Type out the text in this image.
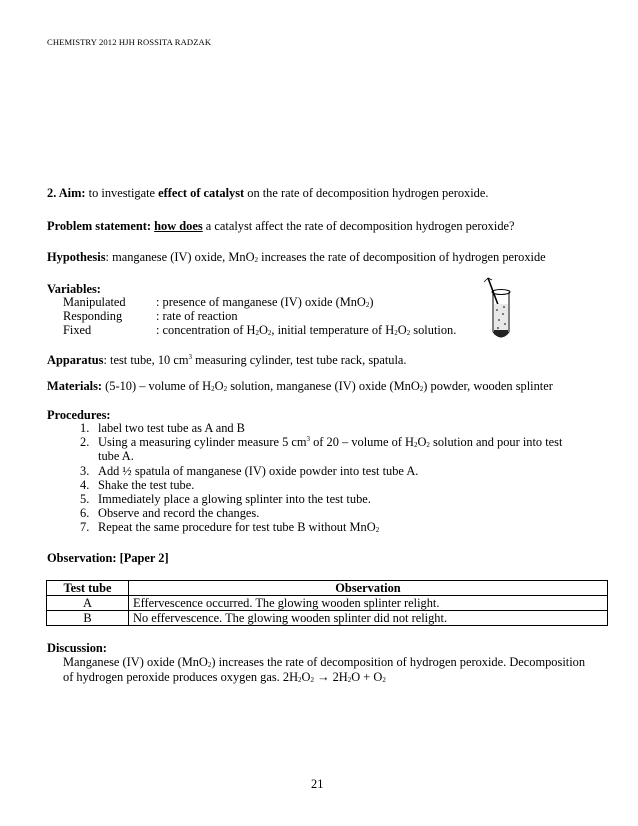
CHEMISTRY 2012 HJH ROSSITA RADZAK
2. Aim: to investigate effect of catalyst on the rate of decomposition hydrogen peroxide.
Problem statement: how does a catalyst affect the rate of decomposition hydrogen peroxide?
Hypothesis: manganese (IV) oxide, MnO$_2$ increases the rate of decomposition of hydrogen peroxide
Variables:
Manipulated : presence of manganese (IV) oxide (MnO$_2$)
Responding	: rate of reaction
Fixed	: concentration of $H_2O_2$, initial temperature of $H_2O_2$ solution.
Apparatus: test tube, 10 $cm^3$ measuring cylinder, test tube rack, spatula.
Materials: (5-10) – volume of $H_2O_2$ solution, manganese (IV) oxide (MnO$_2$) powder, wooden splinter
Procedures:
1. label two test tube as A and B
2. Using a measuring cylinder measure 5 $cm^3$ of 20 – volume of $H_2O_2$ solution and pour into test
tube A.
3. Add ½ spatula of manganese (IV) oxide powder into test tube A.
4. Shake the test tube.
5. Immediately place a glowing splinter into the test tube.
6. Observe and record the changes.
7. Repeat the same procedure for test tube B without MnO$_2$
Observation: [Paper 2]
Test tube	Observation
A	Effervescence occurred. The glowing wooden splinter relight.
B	No effervescence. The glowing wooden splinter did not relight.
Discussion:
Manganese (IV) oxide (MnO$_2$) increases the rate of decomposition of hydrogen peroxide. Decomposition
of hydrogen peroxide produces oxygen gas. $2H_2O_2 \to 2H_2O + O_2$
21
